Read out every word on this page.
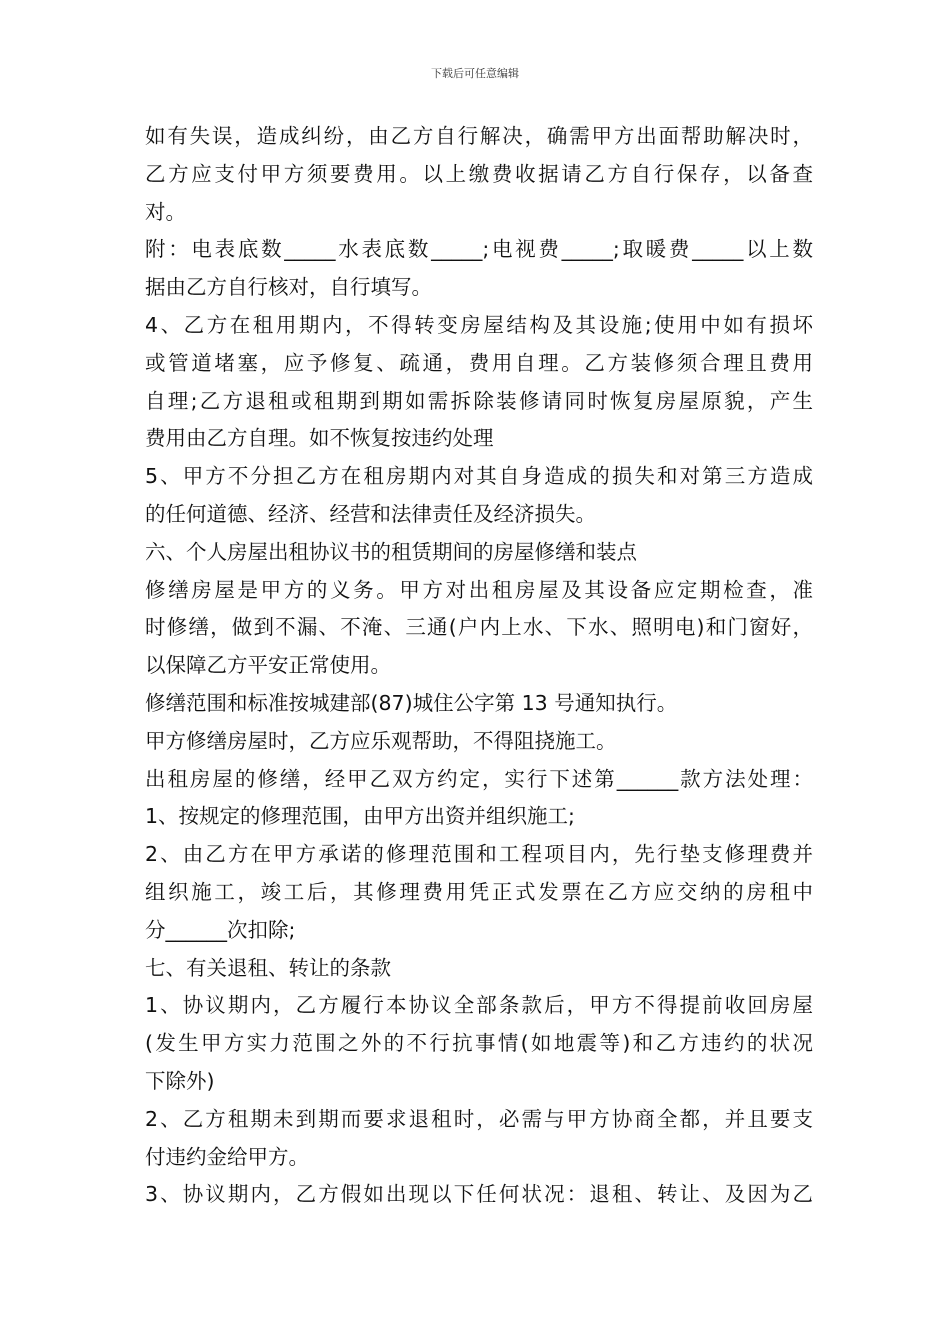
下载后可任意编辑
如有失误，造成纠纷，由乙方自行解决，确需甲方出面帮助解决时，
乙方应支付甲方须要费用。以上缴费收据请乙方自行保存，以备查
对。
附：电表底数_____水表底数_____;电视费_____;取暖费_____以上数
据由乙方自行核对，自行填写。
4、乙方在租用期内，不得转变房屋结构及其设施;使用中如有损坏
或管道堵塞，应予修复、疏通，费用自理。乙方装修须合理且费用
自理;乙方退租或租期到期如需拆除装修请同时恢复房屋原貌，产生
费用由乙方自理。如不恢复按违约处理
5、甲方不分担乙方在租房期内对其自身造成的损失和对第三方造成
的任何道德、经济、经营和法律责任及经济损失。
六、个人房屋出租协议书的租赁期间的房屋修缮和装点
修缮房屋是甲方的义务。甲方对出租房屋及其设备应定期检查，准
时修缮，做到不漏、不淹、三通(户内上水、下水、照明电)和门窗好，
以保障乙方平安正常使用。
修缮范围和标准按城建部(87)城住公字第 13 号通知执行。
甲方修缮房屋时，乙方应乐观帮助，不得阻挠施工。
出租房屋的修缮，经甲乙双方约定，实行下述第______款方法处理：
1、按规定的修理范围，由甲方出资并组织施工;
2、由乙方在甲方承诺的修理范围和工程项目内，先行垫支修理费并
组织施工，竣工后，其修理费用凭正式发票在乙方应交纳的房租中
分______次扣除;
七、有关退租、转让的条款
1、协议期内，乙方履行本协议全部条款后，甲方不得提前收回房屋
(发生甲方实力范围之外的不行抗事情(如地震等)和乙方违约的状况
下除外)
2、乙方租期未到期而要求退租时，必需与甲方协商全都，并且要支
付违约金给甲方。
3、协议期内，乙方假如出现以下任何状况：退租、转让、及因为乙
